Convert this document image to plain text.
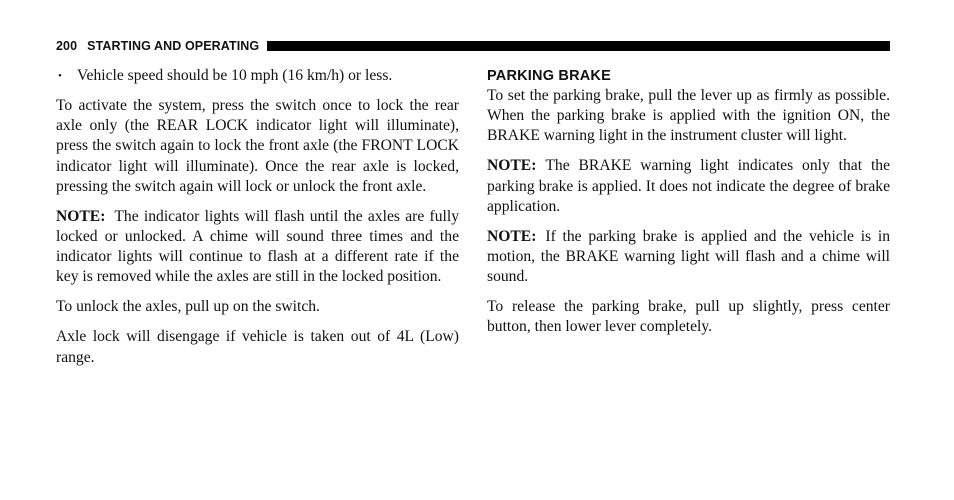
200 STARTING AND OPERATING
• Vehicle speed should be 10 mph (16 km/h) or less.

To activate the system, press the switch once to lock the rear axle only (the REAR LOCK indicator light will illuminate), press the switch again to lock the front axle (the FRONT LOCK indicator light will illuminate). Once the rear axle is locked, pressing the switch again will lock or unlock the front axle.

NOTE: The indicator lights will flash until the axles are fully locked or unlocked. A chime will sound three times and the indicator lights will continue to flash at a different rate if the key is removed while the axles are still in the locked position.

To unlock the axles, pull up on the switch.

Axle lock will disengage if vehicle is taken out of 4L (Low) range.

PARKING BRAKE

To set the parking brake, pull the lever up as firmly as possible. When the parking brake is applied with the ignition ON, the BRAKE warning light in the instrument cluster will light.

NOTE: The BRAKE warning light indicates only that the parking brake is applied. It does not indicate the degree of brake application.

NOTE: If the parking brake is applied and the vehicle is in motion, the BRAKE warning light will flash and a chime will sound.

To release the parking brake, pull up slightly, press center button, then lower lever completely.
